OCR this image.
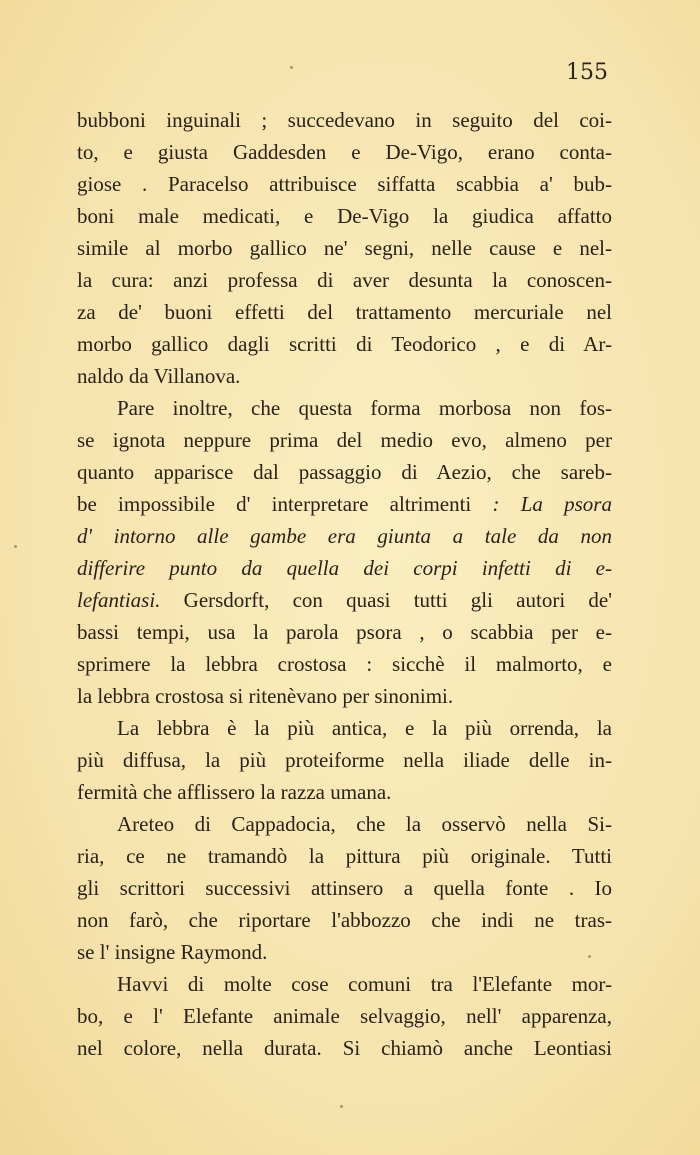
155
bubboni inguinali ; succedevano in seguito del coi-
to, e giusta Gaddesden e De-Vigo, erano conta-
giose . Paracelso attribuisce siffatta scabbia a' bub-
boni male medicati, e De-Vigo la giudica affatto
simile al morbo gallico ne' segni, nelle cause e nel-
la cura: anzi professa di aver desunta la conoscen-
za de' buoni effetti del trattamento mercuriale nel
morbo gallico dagli scritti di Teodorico , e di Ar-
naldo da Villanova.
Pare inoltre, che questa forma morbosa non fos-
se ignota neppure prima del medio evo, almeno per
quanto apparisce dal passaggio di Aezio, che sareb-
be impossibile d' interpretare altrimenti : La psora
d' intorno alle gambe era giunta a tale da non
differire punto da quella dei corpi infetti di e-
lefantiasi. Gersdorft, con quasi tutti gli autori de'
bassi tempi, usa la parola psora , o scabbia per e-
sprimere la lebbra crostosa : sicchè il malmorto, e
la lebbra crostosa si ritenèvano per sinonimi.
La lebbra è la più antica, e la più orrenda, la
più diffusa, la più proteiforme nella iliade delle in-
fermità che afflissero la razza umana.
Areteo di Cappadocia, che la osservò nella Si-
ria, ce ne tramandò la pittura più originale. Tutti
gli scrittori successivi attinsero a quella fonte . Io
non farò, che riportare l'abbozzo che indi ne tras-
se l' insigne Raymond.
Havvi di molte cose comuni tra l'Elefante mor-
bo, e l' Elefante animale selvaggio, nell' apparenza,
nel colore, nella durata. Si chiamò anche Leontiasi
